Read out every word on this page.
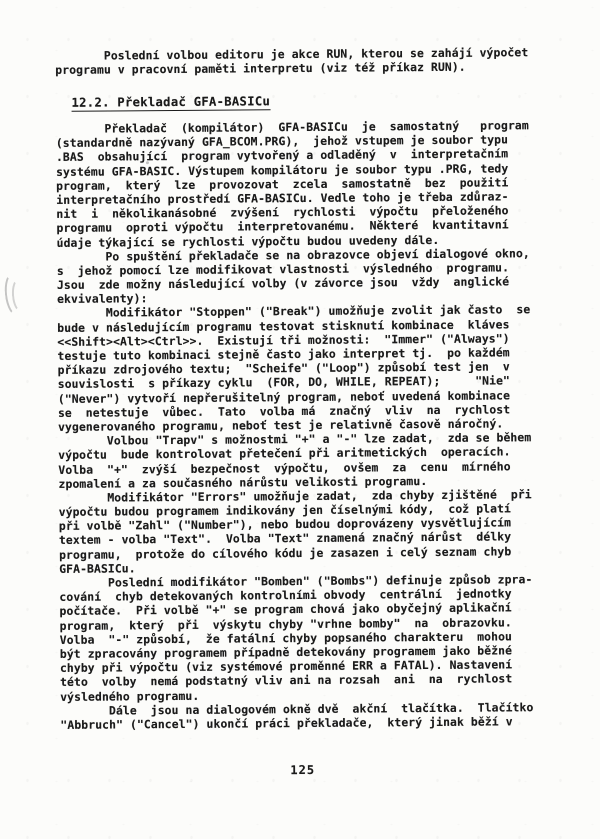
Poslední volbou editoru je akce RUN, kterou se zahájí výpočet
programu v pracovní paměti interpretu (viz též příkaz RUN).
12.2. Překladač GFA-BASICu
Překladač  (kompilátor)  GFA-BASICu  je  samostatný   program
(standardně nazývaný GFA_BCOM.PRG),  jehož vstupem je soubor typu
.BAS  obsahující  program vytvořený a odladěný  v  interpretačním
systému GFA-BASIC. Výstupem kompilátoru je soubor typu .PRG, tedy
program,  který  lze  provozovat  zcela  samostatně  bez  použití
interpretačního prostředí GFA-BASICu. Vedle toho je třeba zdůraz-
nit  i  několikanásobné  zvýšení  rychlosti  výpočtu  přeloženého
programu  oproti výpočtu  interpretovanému.  Některé  kvantitavní
údaje týkající se rychlosti výpočtu budou uvedeny dále.
Po spuštění překladače se na obrazovce objeví dialogové okno,
s  jehož pomocí lze modifikovat vlastnosti  výsledného  programu.
Jsou  zde možny následující volby (v závorce jsou  vždy  anglické
ekvivalenty):
Modifikátor "Stoppen" ("Break") umožňuje zvolit jak často  se
bude v následujícím programu testovat stisknutí kombinace  kláves
<<Shift><Alt><Ctrl>>.  Existují tři možnosti:  "Immer" ("Always")
testuje tuto kombinaci stejně často jako interpret tj.  po každém
příkazu zdrojového textu;  "Scheife" ("Loop") způsobí test jen  v
souvislosti  s příkazy cyklu  (FOR, DO, WHILE, REPEAT);     "Nie"
("Never") vytvoří nepřerušitelný program, neboť uvedená kombinace
se  netestuje  vůbec.  Tato  volba má  značný  vliv  na  rychlost
vygenerovaného programu, neboť test je relativně časově náročný.
Volbou "Trapv" s možnostmi "+" a "-" lze zadat,  zda se během
výpočtu  bude kontrolovat přetečení při aritmetických  operacích.
Volba  "+"  zvýší  bezpečnost  výpočtu,  ovšem  za  cenu  mírného
zpomalení a za současného nárůstu velikosti programu.
Modifikátor "Errors" umožňuje zadat,  zda chyby zjištěné  při
výpočtu budou programem indikovány jen číselnými kódy,  což platí
při volbě "Zahl" ("Number"), nebo budou doprovázeny vysvětlujícím
textem - volba "Text".  Volba "Text" znamená značný nárůst  délky
programu,  protože do cílového kódu je zasazen i celý seznam chyb
GFA-BASICu.
Poslední modifikátor "Bomben" ("Bombs") definuje způsob zpra-
cování  chyb detekovaných kontrolními obvody  centrální  jednotky
počítače.  Při volbě "+" se program chová jako obyčejný aplikační
program,  který  při  výskytu chyby "vrhne bomby"  na  obrazovku.
Volba  "-" způsobí,  že fatální chyby popsaného charakteru  mohou
být zpracovány programem případně detekovány programem jako běžné
chyby při výpočtu (viz systémové proměnné ERR a FATAL). Nastavení
této  volby  nemá podstatný vliv ani na rozsah  ani  na  rychlost
výsledného programu.
Dále  jsou na dialogovém okně dvě  akční  tlačítka.  Tlačítko
"Abbruch" ("Cancel") ukončí práci překladače,  který jinak běží v
125
